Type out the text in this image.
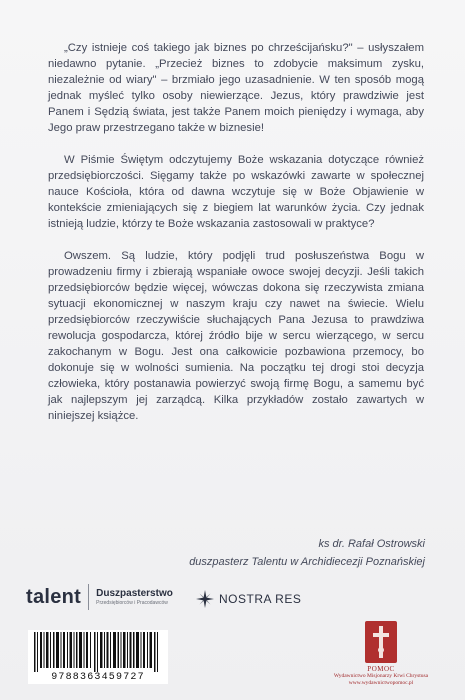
„Czy istnieje coś takiego jak biznes po chrześcijańsku?" – usłyszałem niedawno pytanie. „Przecież biznes to zdobycie maksimum zysku, niezależnie od wiary" – brzmiało jego uzasadnienie. W ten sposób mogą jednak myśleć tylko osoby niewierzące. Jezus, który prawdziwie jest Panem i Sędzią świata, jest także Panem moich pieniędzy i wymaga, aby Jego praw przestrzegano także w biznesie!

W Piśmie Świętym odczytujemy Boże wskazania dotyczące również przedsiębiorczości. Sięgamy także po wskazówki zawarte w społecznej nauce Kościoła, która od dawna wczytuje się w Boże Objawienie w kontekście zmieniających się z biegiem lat warunków życia. Czy jednak istnieją ludzie, którzy te Boże wskazania zastosowali w praktyce?

Owszem. Są ludzie, który podjęli trud posłuszeństwa Bogu w prowadzeniu firmy i zbierają wspaniałe owoce swojej decyzji. Jeśli takich przedsiębiorców będzie więcej, wówczas dokona się rzeczywista zmiana sytuacji ekonomicznej w naszym kraju czy nawet na świecie. Wielu przedsiębiorców rzeczywiście słuchających Pana Jezusa to prawdziwa rewolucja gospodarcza, której źródło bije w sercu wierzącego, w sercu zakochanym w Bogu. Jest ona całkowicie pozbawiona przemocy, bo dokonuje się w wolności sumienia. Na początku tej drogi stoi decyzja człowieka, który postanawia powierzyć swoją firmę Bogu, a samemu być jak najlepszym jej zarządcą. Kilka przykładów zostało zawartych w niniejszej książce.

ks dr. Rafał Ostrowski
duszpasterz Talentu w Archidiecezji Poznańskiej
talent Duszpasterstwo
Przedsiębiorców i Pracodawców	NOSTRA RES
9788363459727
POMOC
Wydawnictwo Misjonarzy Krwi Chrystusa
www.wydawnictwopomoc.pl
